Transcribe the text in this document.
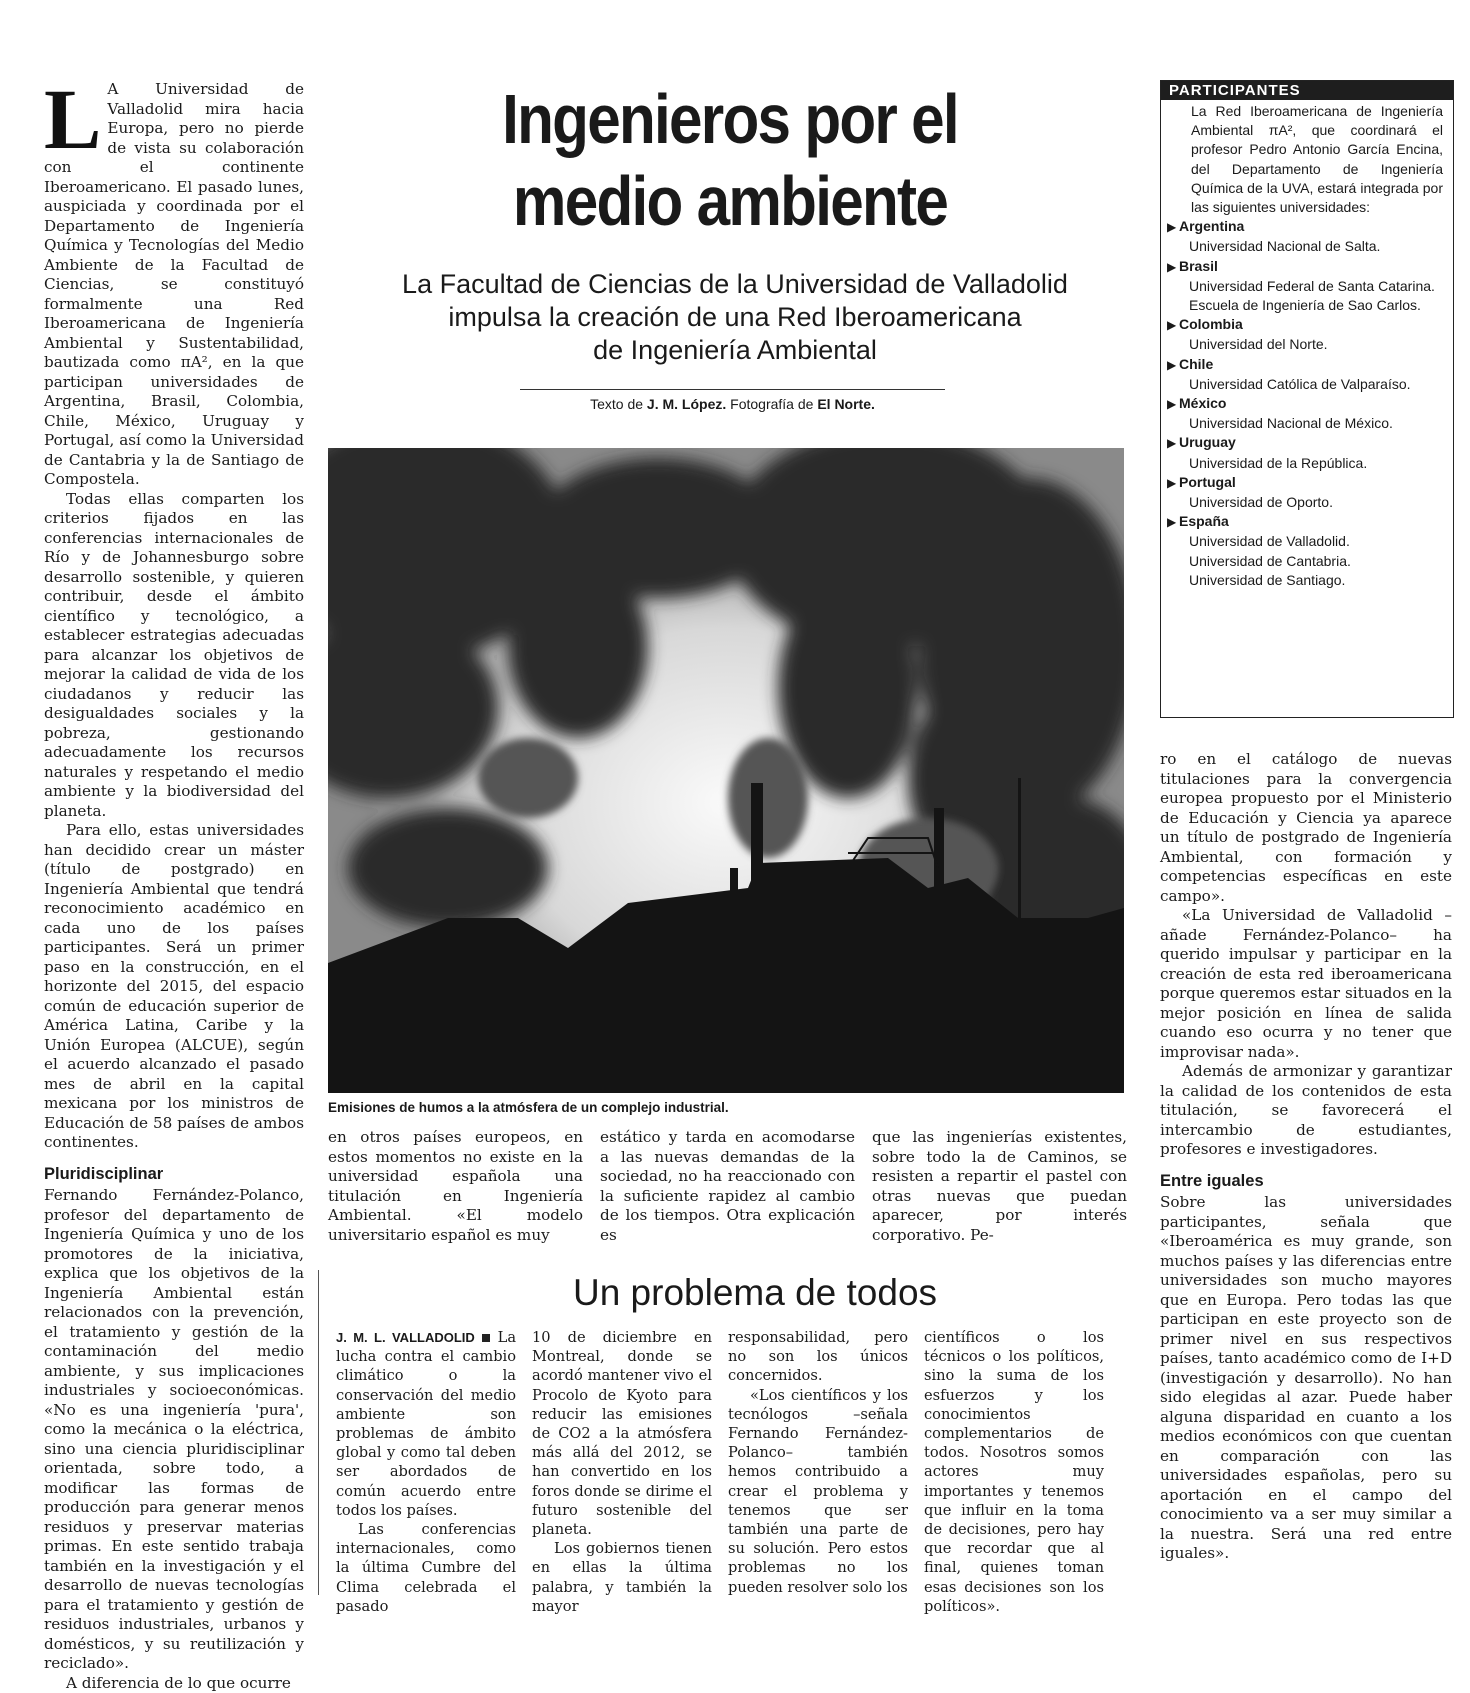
Ingenieros por el medio ambiente
La Facultad de Ciencias de la Universidad de Valladolid
impulsa la creación de una Red Iberoamericana
de Ingeniería Ambiental
Texto de J. M. López. Fotografía de El Norte.

L A Universidad de Valladolid mira hacia Europa, pero no pierde de vista su colaboración con el continente Iberoamericano. El pasado lunes, auspiciada y coordinada por el Departamento de Ingeniería Química y Tecnologías del Medio Ambiente de la Facultad de Ciencias, se constituyó formalmente una Red Iberoamericana de Ingeniería Ambiental y Sustentabilidad, bautizada como πA², en la que participan universidades de Argentina, Brasil, Colombia, Chile, México, Uruguay y Portugal, así como la Universidad de Cantabria y la de Santiago de Compostela.

Todas ellas comparten los criterios fijados en las conferencias internacionales de Río y de Johannesburgo sobre desarrollo sostenible, y quieren contribuir, desde el ámbito científico y tecnológico, a establecer estrategias adecuadas para alcanzar los objetivos de mejorar la calidad de vida de los ciudadanos y reducir las desigualdades sociales y la pobreza, gestionando adecuadamente los recursos naturales y respetando el medio ambiente y la biodiversidad del planeta.

Para ello, estas universidades han decidido crear un máster (título de postgrado) en Ingeniería Ambiental que tendrá reconocimiento académico en cada uno de los países participantes. Será un primer paso en la construcción, en el horizonte del 2015, del espacio común de educación superior de América Latina, Caribe y la Unión Europea (ALCUE), según el acuerdo alcanzado el pasado mes de abril en la capital mexicana por los ministros de Educación de 58 países de ambos continentes.

Pluridisciplinar

Fernando Fernández-Polanco, profesor del departamento de Ingeniería Química y uno de los promotores de la iniciativa, explica que los objetivos de la Ingeniería Ambiental están relacionados con la prevención, el tratamiento y gestión de la contaminación del medio ambiente, y sus implicaciones industriales y socioeconómicas. «No es una ingeniería 'pura', como la mecánica o la eléctrica, sino una ciencia pluridisciplinar orientada, sobre todo, a modificar las formas de producción para generar menos residuos y preservar materias primas. En este sentido trabaja también en la investigación y el desarrollo de nuevas tecnologías para el tratamiento y gestión de residuos industriales, urbanos y domésticos, y su reutilización y reciclado».

A diferencia de lo que ocurre

Emisiones de humos a la atmósfera de un complejo industrial.

en otros países europeos, en estos momentos no existe en la universidad española una titulación en Ingeniería Ambiental. «El modelo universitario español es muy

estático y tarda en acomodarse a las nuevas demandas de la sociedad, no ha reaccionado con la suficiente rapidez al cambio de los tiempos. Otra explicación es

que las ingenierías existentes, sobre todo la de Caminos, se resisten a repartir el pastel con otras nuevas que puedan aparecer, por interés corporativo. Pe-

Un problema de todos

J. M. L. VALLADOLID  La lucha contra el cambio climático o la conservación del medio ambiente son problemas de ámbito global y como tal deben ser abordados de común acuerdo entre todos los países.

Las conferencias internacionales, como la última Cumbre del Clima celebrada el pasado

10 de diciembre en Montreal, donde se acordó mantener vivo el Procolo de Kyoto para reducir las emisiones de CO2 a la atmósfera más allá del 2012, se han convertido en los foros donde se dirime el futuro sostenible del planeta.

Los gobiernos tienen en ellas la última palabra, y también la mayor

responsabilidad, pero no son los únicos concernidos.

«Los científicos y los tecnólogos –señala Fernando Fernández-Polanco– también hemos contribuido a crear el problema y tenemos que ser también una parte de su solución. Pero estos problemas no los pueden resolver solo los

científicos o los técnicos o los políticos, sino la suma de los esfuerzos y los conocimientos complementarios de todos. Nosotros somos actores muy importantes y tenemos que influir en la toma de decisiones, pero hay que recordar que al final, quienes toman esas decisiones son los políticos».

PARTICIPANTES
La Red Iberoamericana de Ingeniería Ambiental πA², que coordinará el profesor Pedro Antonio García Encina, del Departamento de Ingeniería Química de la UVA, estará integrada por las siguientes universidades:
▶ Argentina
Universidad Nacional de Salta.
▶ Brasil
Universidad Federal de Santa Catarina.
Escuela de Ingeniería de Sao Carlos.
▶ Colombia
Universidad del Norte.
▶ Chile
Universidad Católica de Valparaíso.
▶ México
Universidad Nacional de México.
▶ Uruguay
Universidad de la República.
▶ Portugal
Universidad de Oporto.
▶ España
Universidad de Valladolid.
Universidad de Cantabria.
Universidad de Santiago.

ro en el catálogo de nuevas titulaciones para la convergencia europea propuesto por el Ministerio de Educación y Ciencia ya aparece un título de postgrado de Ingeniería Ambiental, con formación y competencias específicas en este campo».

«La Universidad de Valladolid –añade Fernández-Polanco– ha querido impulsar y participar en la creación de esta red iberoamericana porque queremos estar situados en la mejor posición en línea de salida cuando eso ocurra y no tener que improvisar nada».

Además de armonizar y garantizar la calidad de los contenidos de esta titulación, se favorecerá el intercambio de estudiantes, profesores e investigadores.

Entre iguales

Sobre las universidades participantes, señala que «Iberoamérica es muy grande, son muchos países y las diferencias entre universidades son mucho mayores que en Europa. Pero todas las que participan en este proyecto son de primer nivel en sus respectivos países, tanto académico como de I+D (investigación y desarrollo). No han sido elegidas al azar. Puede haber alguna disparidad en cuanto a los medios económicos con que cuentan en comparación con las universidades españolas, pero su aportación en el campo del conocimiento va a ser muy similar a la nuestra. Será una red entre iguales».
